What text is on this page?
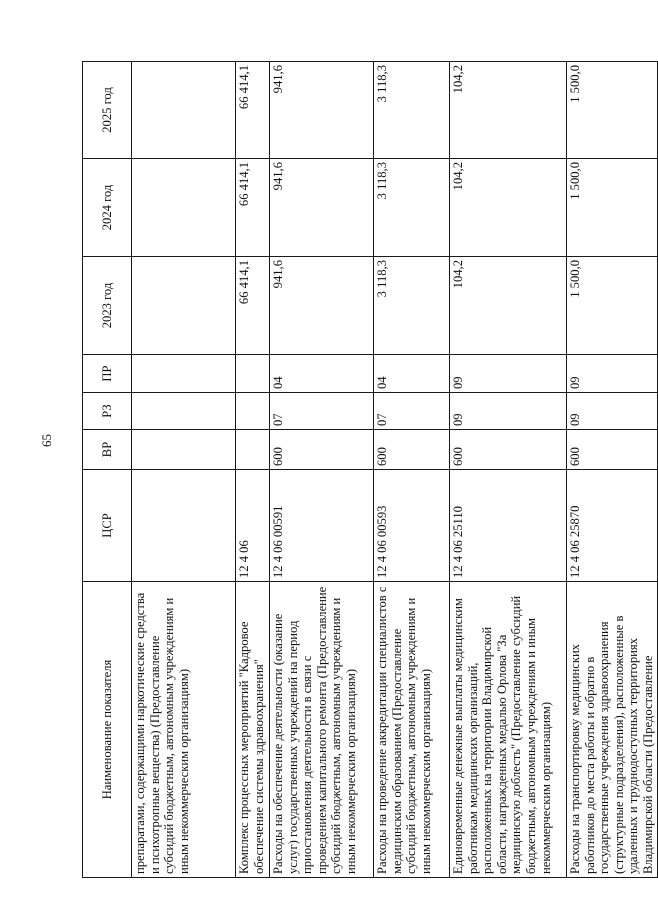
65
Наименование показателя	ЦСР	ВР	РЗ	ПР	2023 год	2024 год	2025 год
препаратами, содержащими наркотические средства и психотропные вещества) (Предоставление субсидий бюджетным, автономным учреждениям и иным некоммерческим организациям)							
Комплекс процессных мероприятий "Кадровое обеспечение системы здравоохранения"	12 4 06				66 414,1	66 414,1	66 414,1
Расходы на обеспечение деятельности (оказание услуг) государственных учреждений на период приостановления деятельности в связи с проведением капитального ремонта (Предоставление субсидий бюджетным, автономным учреждениям и иным некоммерческим организациям)	12 4 06 00591	600	07	04	941,6	941,6	941,6
Расходы на проведение аккредитации специалистов с медицинским образованием (Предоставление субсидий бюджетным, автономным учреждениям и иным некоммерческим организациям)	12 4 06 00593	600	07	04	3 118,3	3 118,3	3 118,3
Единовременные денежные выплаты медицинским работникам медицинских организаций, расположенных на территории Владимирской области, награжденных медалью Орлова "За медицинскую доблесть" (Предоставление субсидий бюджетным, автономным учреждениям и иным некоммерческим организациям)	12 4 06 25110	600	09	09	104,2	104,2	104,2
Расходы на транспортировку медицинских работников до места работы и обратно в государственные учреждения здравоохранения (структурные подразделения), расположенные в удаленных и труднодоступных территориях Владимирской области (Предоставление	12 4 06 25870	600	09	09	1 500,0	1 500,0	1 500,0
